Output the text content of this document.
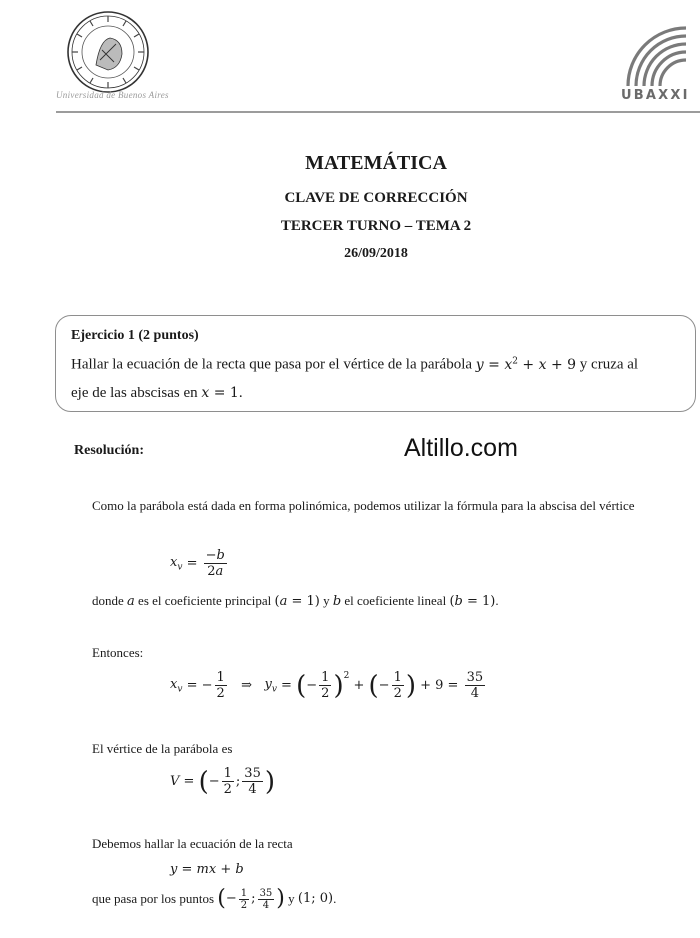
Universidad de Buenos Aires	UBAXXI
MATEMÁTICA
CLAVE DE CORRECCIÓN
TERCER TURNO – TEMA 2
26/09/2018
Ejercicio 1 (2 puntos)
Hallar la ecuación de la recta que pasa por el vértice de la parábola $y = x^2 + x + 9$ y cruza al
eje de las abscisas en x = 1.
Resolución:	Altillo.com
Como la parábola está dada en forma polinómica, podemos utilizar la fórmula para la abscisa del vértice
$x_v = \frac{-b}{2a}$
donde a es el coeficiente principal (a = 1) y b el coeficiente lineal (b = 1).
Entonces:
$x_v$ = − $\frac{1}{2}$ ⇒ $y_v$ = ( − $\frac{1}{2} )^2$
+ ( − $\frac{1}{2}$ ) + $9 = \frac{35}{4}$
El vértice de la parábola es
V = ( − $\frac{1}{2}$ ; $\frac{35}{4}$ )
Debemos hallar la ecuación de la recta
y = mx + b
que pasa por los puntos
( − $\frac{1}{2}$ ; $\frac{35}{4}$ )
y
(1; 0) .
